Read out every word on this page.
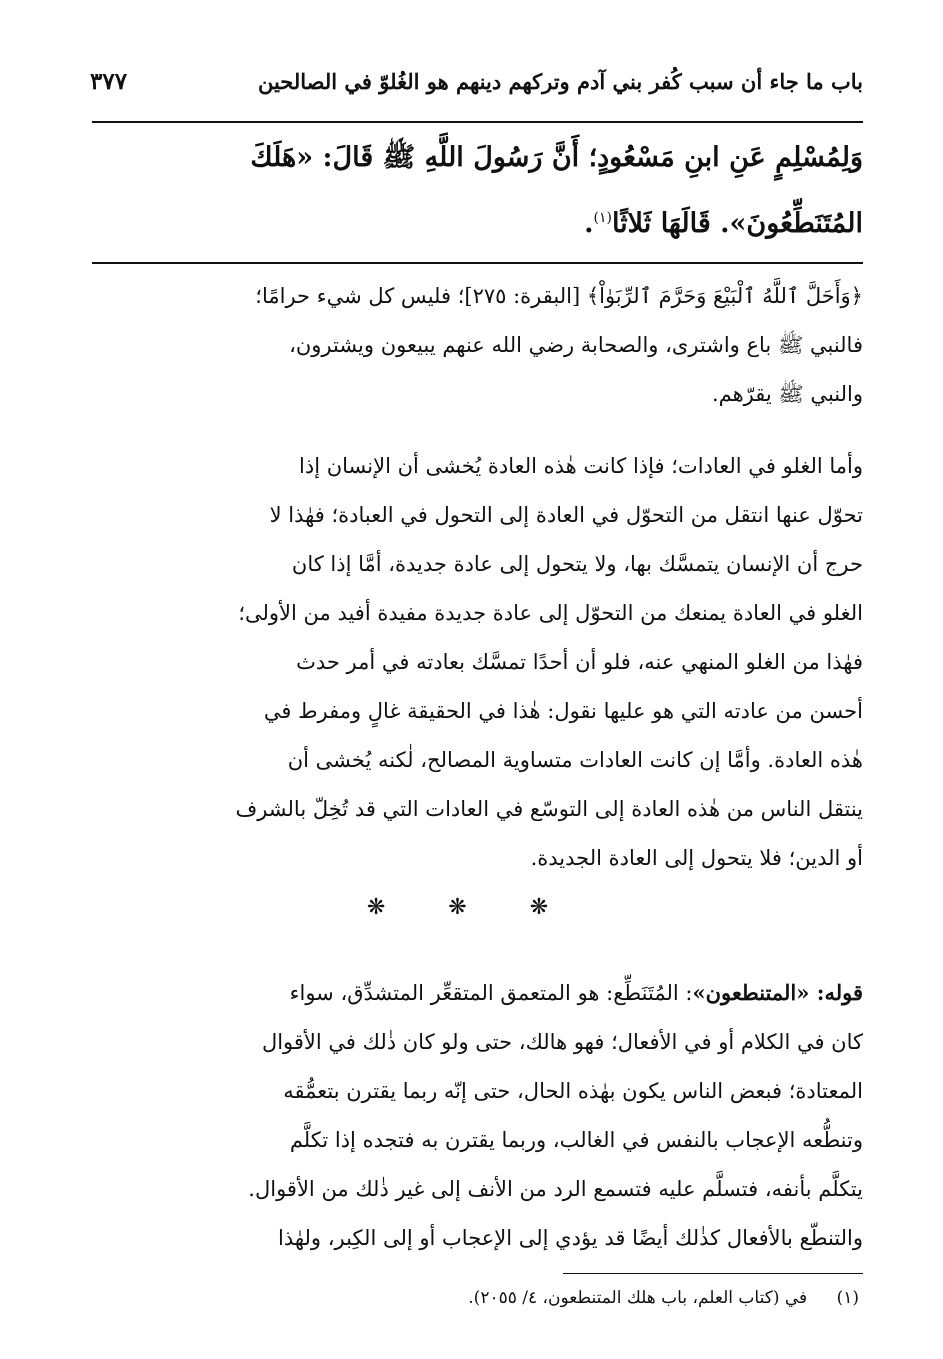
باب ما جاء أن سبب كُفر بني آدم وتركهم دينهم هو الغُلوّ في الصالحين
٣٧٧
وَلِمُسْلِمٍ عَنِ ابنِ مَسْعُودٍ؛ أَنَّ رَسُولَ اللَّهِ ﷺ قَالَ: «هَلَكَ
المُتَنَطِّعُونَ». قَالَهَا ثَلاثًا$^{(١)}$.
﴿وَأَحَلَّ ٱللَّهُ ٱلْبَيْعَ وَحَرَّمَ ٱلرِّبَوٰاْ﴾ [البقرة: ٢٧٥]؛ فليس كل شيء حرامًا؛
فالنبي ﷺ باع واشترى، والصحابة رضي الله عنهم يبيعون ويشترون،
والنبي ﷺ يقرّهم.
وأما الغلو في العادات؛ فإذا كانت هٰذه العادة يُخشى أن الإنسان إذا
تحوّل عنها انتقل من التحوّل في العادة إلى التحول في العبادة؛ فهٰذا لا
حرج أن الإنسان يتمسَّك بها، ولا يتحول إلى عادة جديدة، أمَّا إذا كان
الغلو في العادة يمنعك من التحوّل إلى عادة جديدة مفيدة أفيد من الأولى؛
فهٰذا من الغلو المنهي عنه، فلو أن أحدًا تمسَّك بعادته في أمر حدث
أحسن من عادته التي هو عليها نقول: هٰذا في الحقيقة غالٍ ومفرط في
هٰذه العادة. وأمَّا إن كانت العادات متساوية المصالح، لٰكنه يُخشى أن
ينتقل الناس من هٰذه العادة إلى التوسّع في العادات التي قد تُخِلّ بالشرف
أو الدين؛ فلا يتحول إلى العادة الجديدة.
❋ ❋ ❋
قوله: «المتنطعون»: المُتَنَطِّع: هو المتعمق المتقعِّر المتشدِّق، سواء
كان في الكلام أو في الأفعال؛ فهو هالك، حتى ولو كان ذٰلك في الأقوال
المعتادة؛ فبعض الناس يكون بهٰذه الحال، حتى إنّه ربما يقترن بتعمُّقه
وتنطُّعه الإعجاب بالنفس في الغالب، وربما يقترن به فتجده إذا تكلَّم
يتكلَّم بأنفه، فتسلَّم عليه فتسمع الرد من الأنف إلى غير ذٰلك من الأقوال.
والتنطّع بالأفعال كذٰلك أيضًا قد يؤدي إلى الإعجاب أو إلى الكِبر، ولهٰذا
(١) في (كتاب العلم، باب هلك المتنطعون، ٤/ ٢٠٥٥).
